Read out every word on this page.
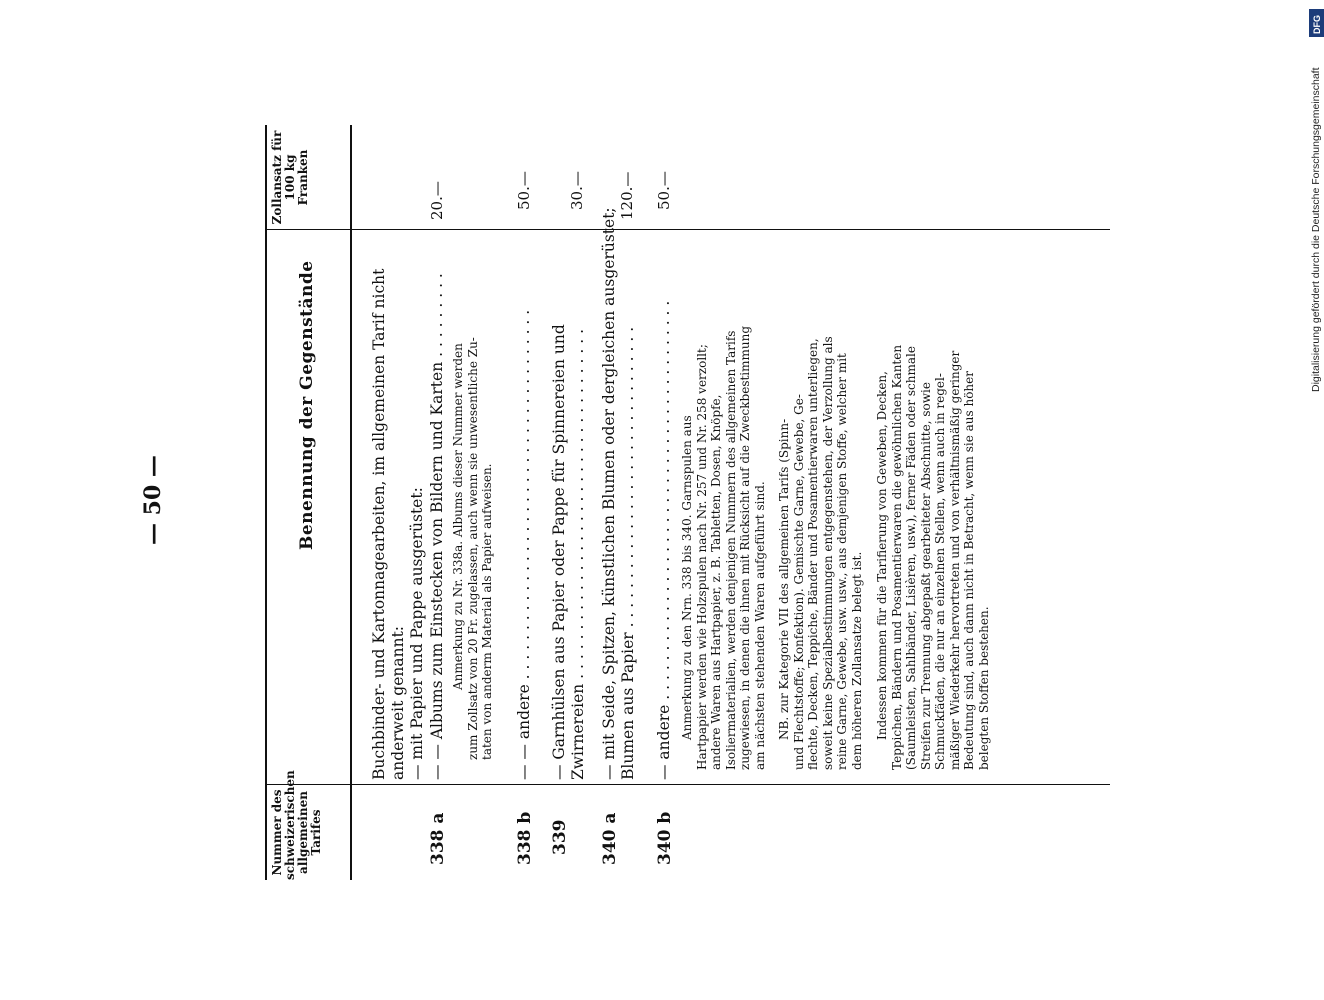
— 50 —
Nummer des schweizerischen allgemeinen Tarifes
Benennung der Gegenstände
Zollansatz für 100 kg Franken
Buchbinder- und Kartonnagearbeiten, im allgemeinen Tarif nicht anderweit genannt: — mit Papier und Pappe ausgerüstet:
338 a
— — Albums zum Einstecken von Bildern und Karten . . . . . . . . .
20.—
Anmerkung zu Nr. 338a. Albums dieser Nummer werden zum Zollsatz von 20 Fr. zugelassen, auch wenn sie unwesentliche Zu- taten von anderm Material als Papier aufweisen.
338 b
— — andere . . . . . . . . . . . . . . . . . . . . . . . . . . . . . . . . . . . . . .
50.—
339
— Garnhülsen aus Papier oder Pappe für Spinnereien und Zwirnereien . . . . . . . . . . . . . . . . . . . . . . . . . . . . . . . . . . . .
30.—
340 a
— mit Seide, Spitzen, künstlichen Blumen oder dergleichen ausgerüstet; Blumen aus Papier . . . . . . . . . . . . . . . . . . . . . . . . . . . . . . .
120.—
340 b
— andere . . . . . . . . . . . . . . . . . . . . . . . . . . . . . . . . . . . . . . . . .
50.—
Anmerkung zu den Nrn. 338 bis 340. Garnspulen aus Hartpapier werden wie Holzspulen nach Nr. 257 und Nr. 258 verzollt; andere Waren aus Hartpapier, z. B. Tabletten, Dosen, Knöpfe, Isoliermaterialien, werden denjenigen Nummern des allgemeinen Tarifs zugewiesen, in denen die ihnen mit Rücksicht auf die Zweckbestimmung am nächsten stehenden Waren aufgeführt sind. NB. zur Kategorie VII des allgemeinen Tarifs (Spinn- und Flechtstoffe; Konfektion). Gemischte Garne, Gewebe, Ge- flechte, Decken, Teppiche, Bänder und Posamentierwaren unterliegen, soweit keine Spezialbestimmungen entgegenstehen, der Verzollung als reine Garne, Gewebe, usw. usw., aus demjenigen Stoffe, welcher mit dem höheren Zollansatze belegt ist. Indessen kommen für die Tarifierung von Geweben, Decken, Teppichen, Bändern und Posamentierwaren die gewöhnlichen Kanten (Saumleisten, Sahlbänder, Lisièren, usw.), ferner Fäden oder schmale Streifen zur Trennung abgepaßt gearbeiteter Abschnitte, sowie Schmuckfäden, die nur an einzelnen Stellen, wenn auch in regel- mäßiger Wiederkehr hervortreten und von verhältnismäßig geringer Bedeutung sind, auch dann nicht in Betracht, wenn sie aus höher belegten Stoffen bestehen.
Digitalisierung gefördert durch die Deutsche Forschungsgemeinschaft
DFG
